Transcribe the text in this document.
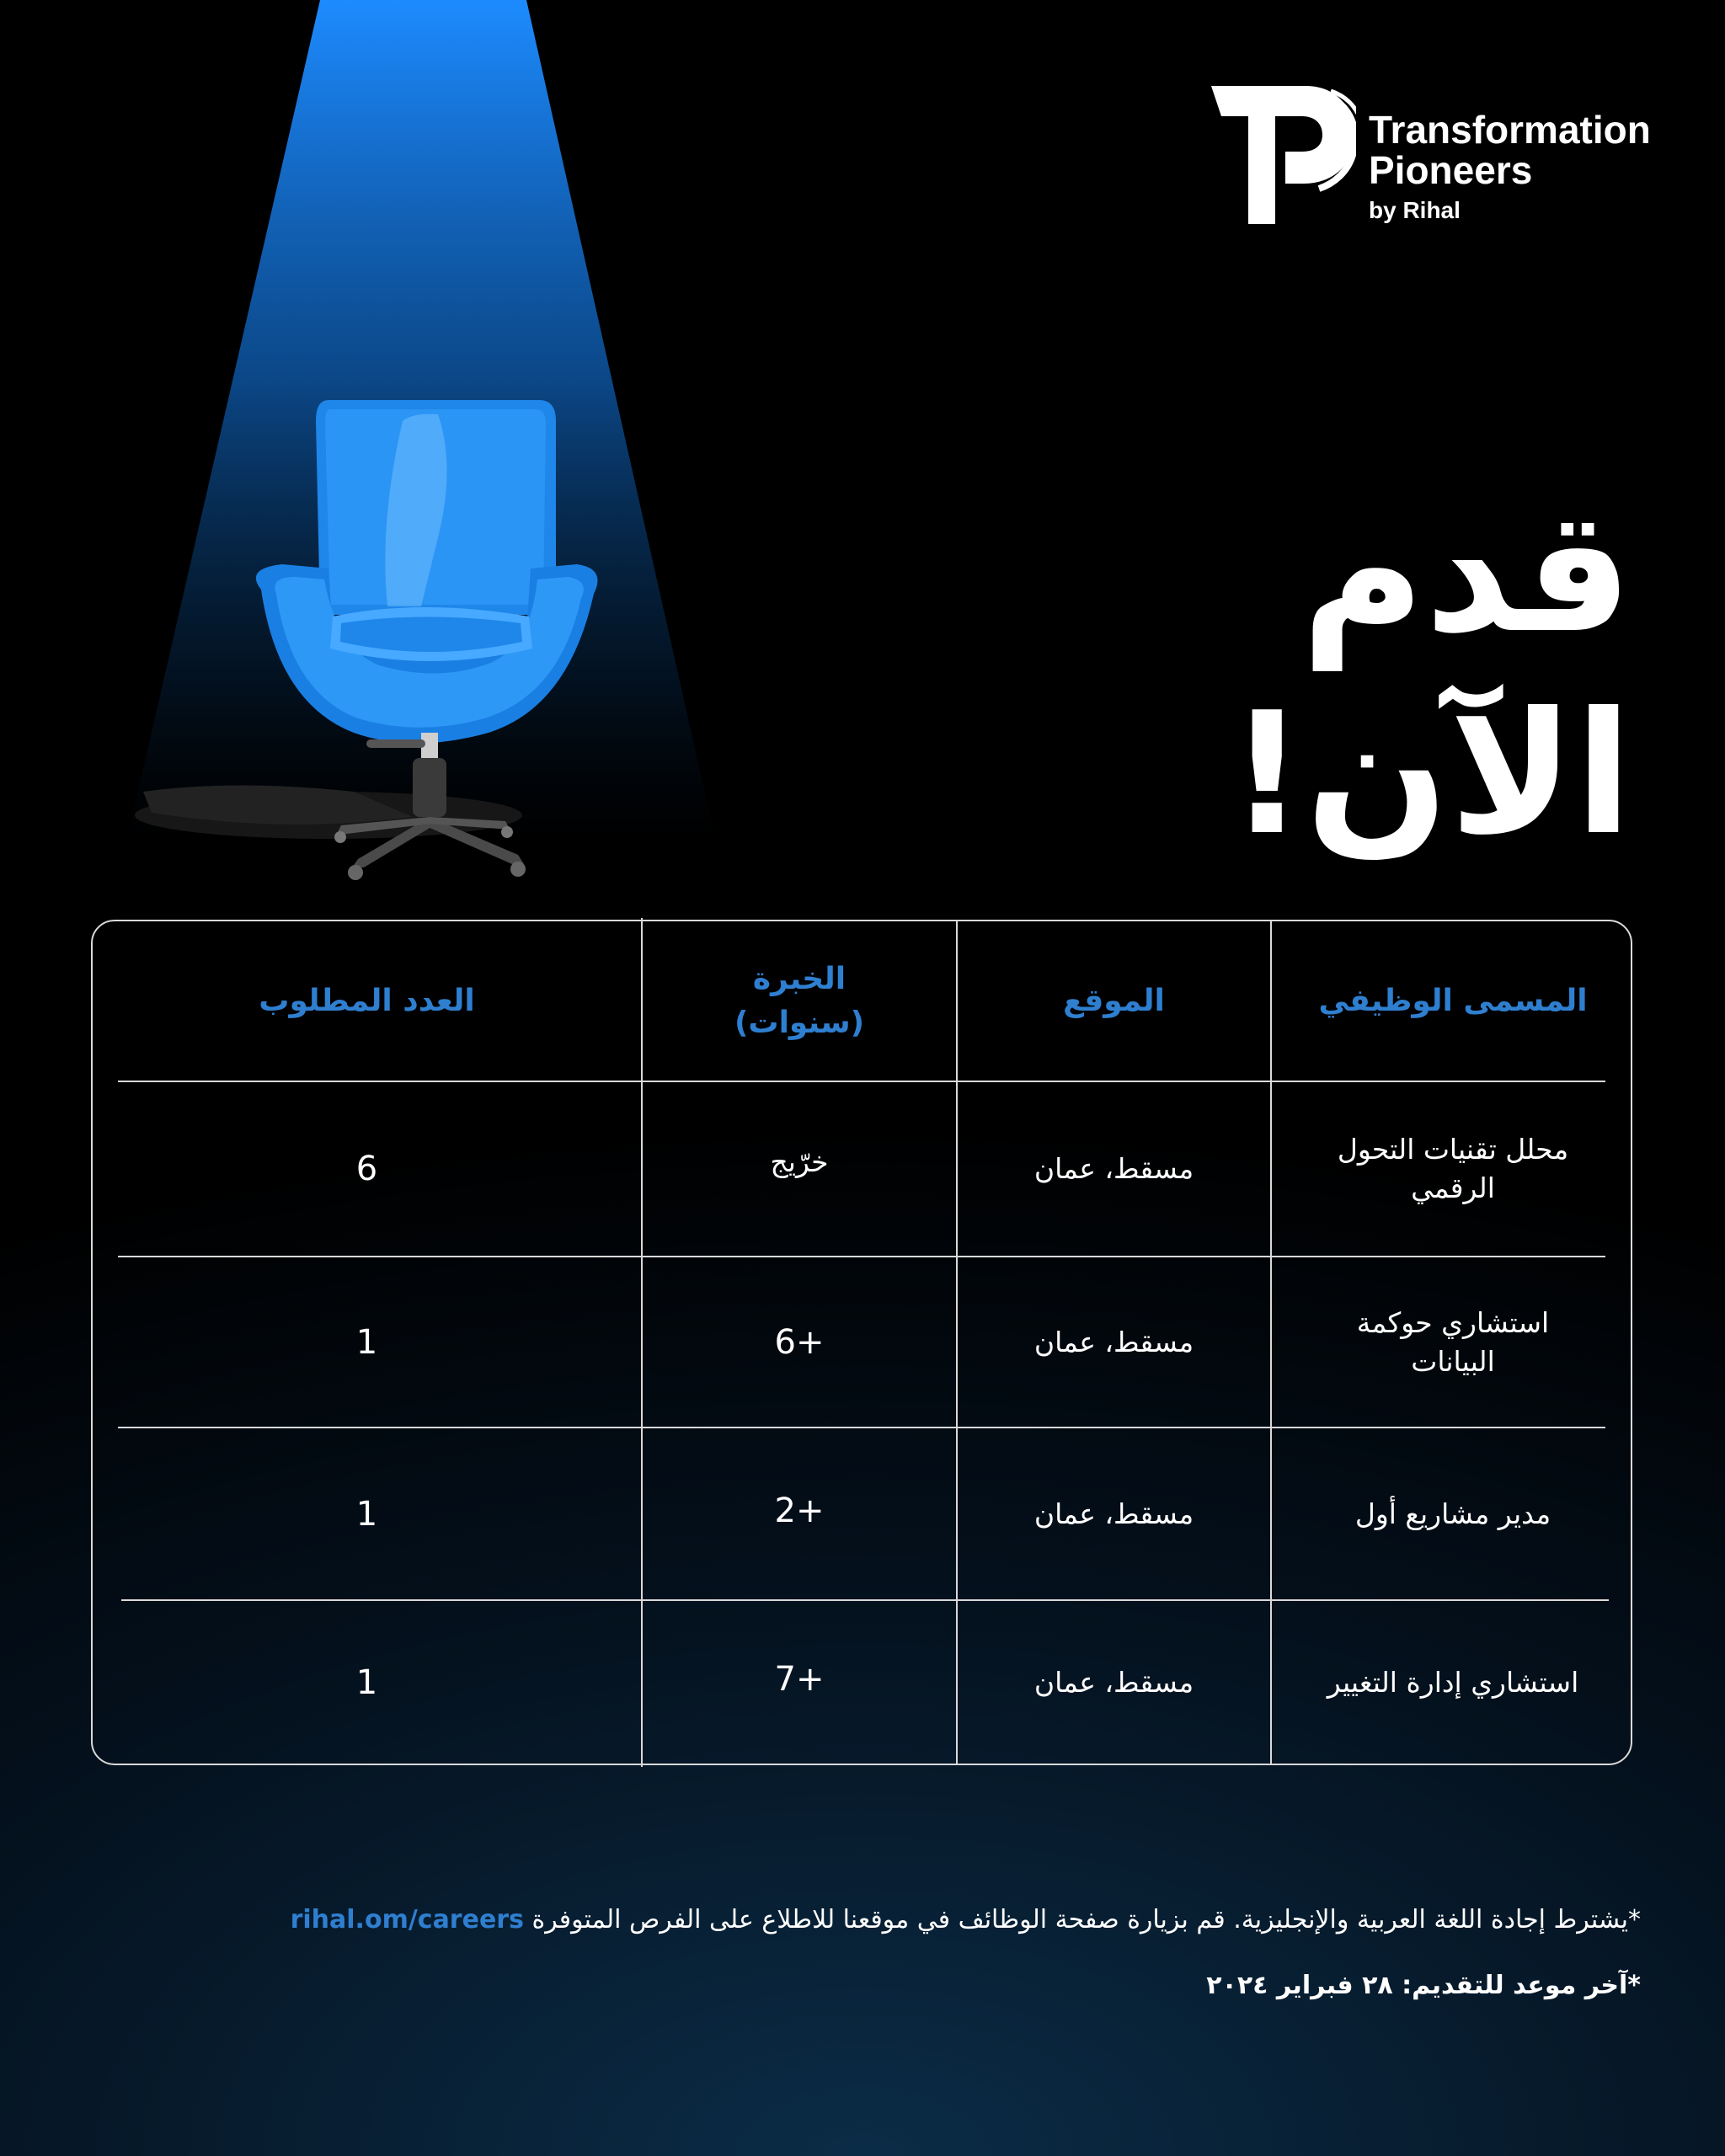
Transformation
Pioneers
by Rihal
قدم
الآن!
المسمى الوظيفي
الموقع
الخبرة
(سنوات)
العدد المطلوب
محلل تقنيات التحول
الرقمي
مسقط، عمان
خرّيج
6
استشاري حوكمة
البيانات
مسقط، عمان
+6
1
مدير مشاريع أول
مسقط، عمان
+2
1
استشاري إدارة التغيير
مسقط، عمان
+7
1
*يشترط إجادة اللغة العربية والإنجليزية. قم بزيارة صفحة الوظائف في موقعنا للاطلاع على الفرص المتوفرة rihal.om/careers
*آخر موعد للتقديم: ٢٨ فبراير ٢٠٢٤
